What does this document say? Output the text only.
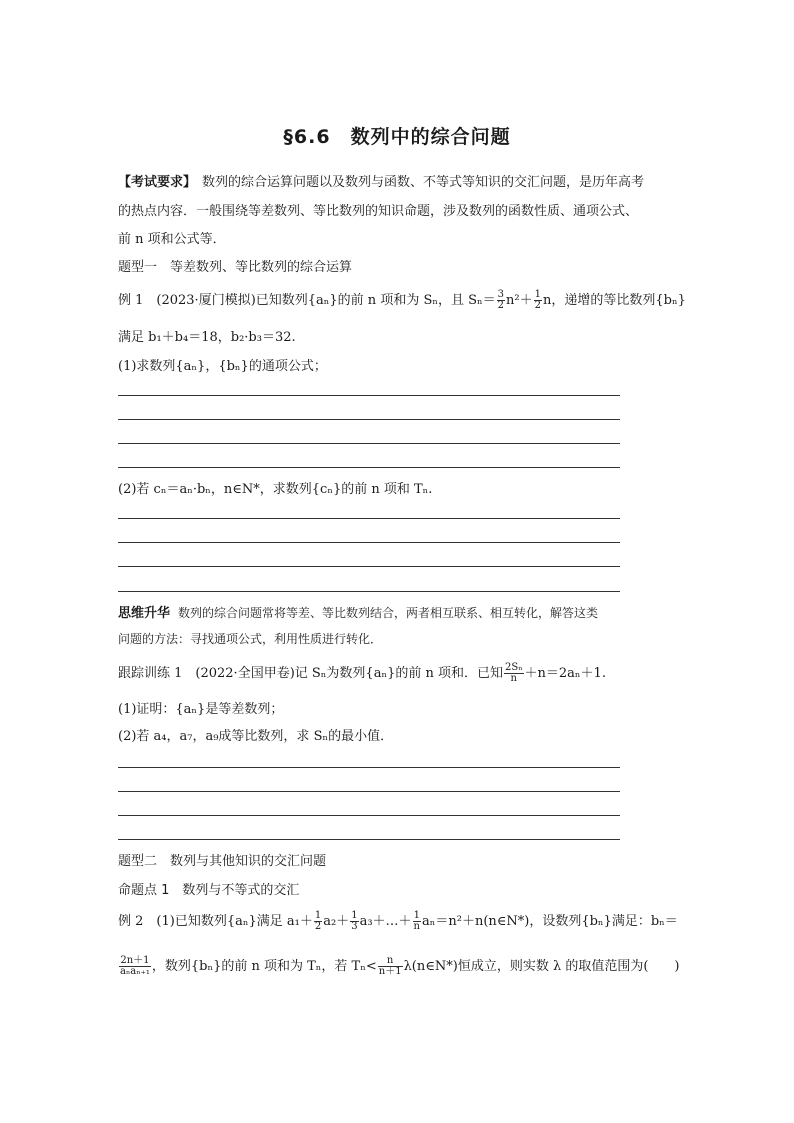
§6.6　数列中的综合问题
【考试要求】 数列的综合运算问题以及数列与函数、不等式等知识的交汇问题，是历年高考
的热点内容．一般围绕等差数列、等比数列的知识命题，涉及数列的函数性质、通项公式、
前 n 项和公式等．
题型一　等差数列、等比数列的综合运算
例 1　(2023·厦门模拟)已知数列{aₙ}的前 n 项和为 Sₙ，且 $S_n= \frac{3}{2} n^2+ \frac{1}{2}$ n，递增的等比数列{bₙ}
满足 b₁＋b₄＝18，b₂·b₃＝32.
(1)求数列{aₙ}，{bₙ}的通项公式；
(2)若 cₙ＝aₙ·bₙ，n∈N*，求数列{cₙ}的前 n 项和 Tₙ.
思维升华 数列的综合问题常将等差、等比数列结合，两者相互联系、相互转化，解答这类
问题的方法：寻找通项公式，利用性质进行转化．
跟踪训练 1　(2022·全国甲卷)记 Sₙ为数列{aₙ}的前 n 项和．已知 $\frac{\text{2Sₙ}}{n} +n=2a_n+1$.
(1)证明：{aₙ}是等差数列；
(2)若 a₄，a₇，a₉成等比数列，求 Sₙ的最小值．
题型二　数列与其他知识的交汇问题
命题点 1　数列与不等式的交汇
例 2　(1)已知数列{aₙ}满足 $a_1+ \frac{1}{2} a_2+ \frac{1}{3}$ a₃＋…＋ $\frac{1}{n}$ aₙ＝n²＋n(n∈N*)，设数列{bₙ}满足：bₙ＝
$\frac{2n+1}{\text{aₙaₙ₊₁}}$ ，数列{bₙ}的前 n 项和为 Tₙ，若 $T_n< \frac{n}{n+1}$ λ(n∈N*)恒成立，则实数 λ 的取值范围为(　　)
